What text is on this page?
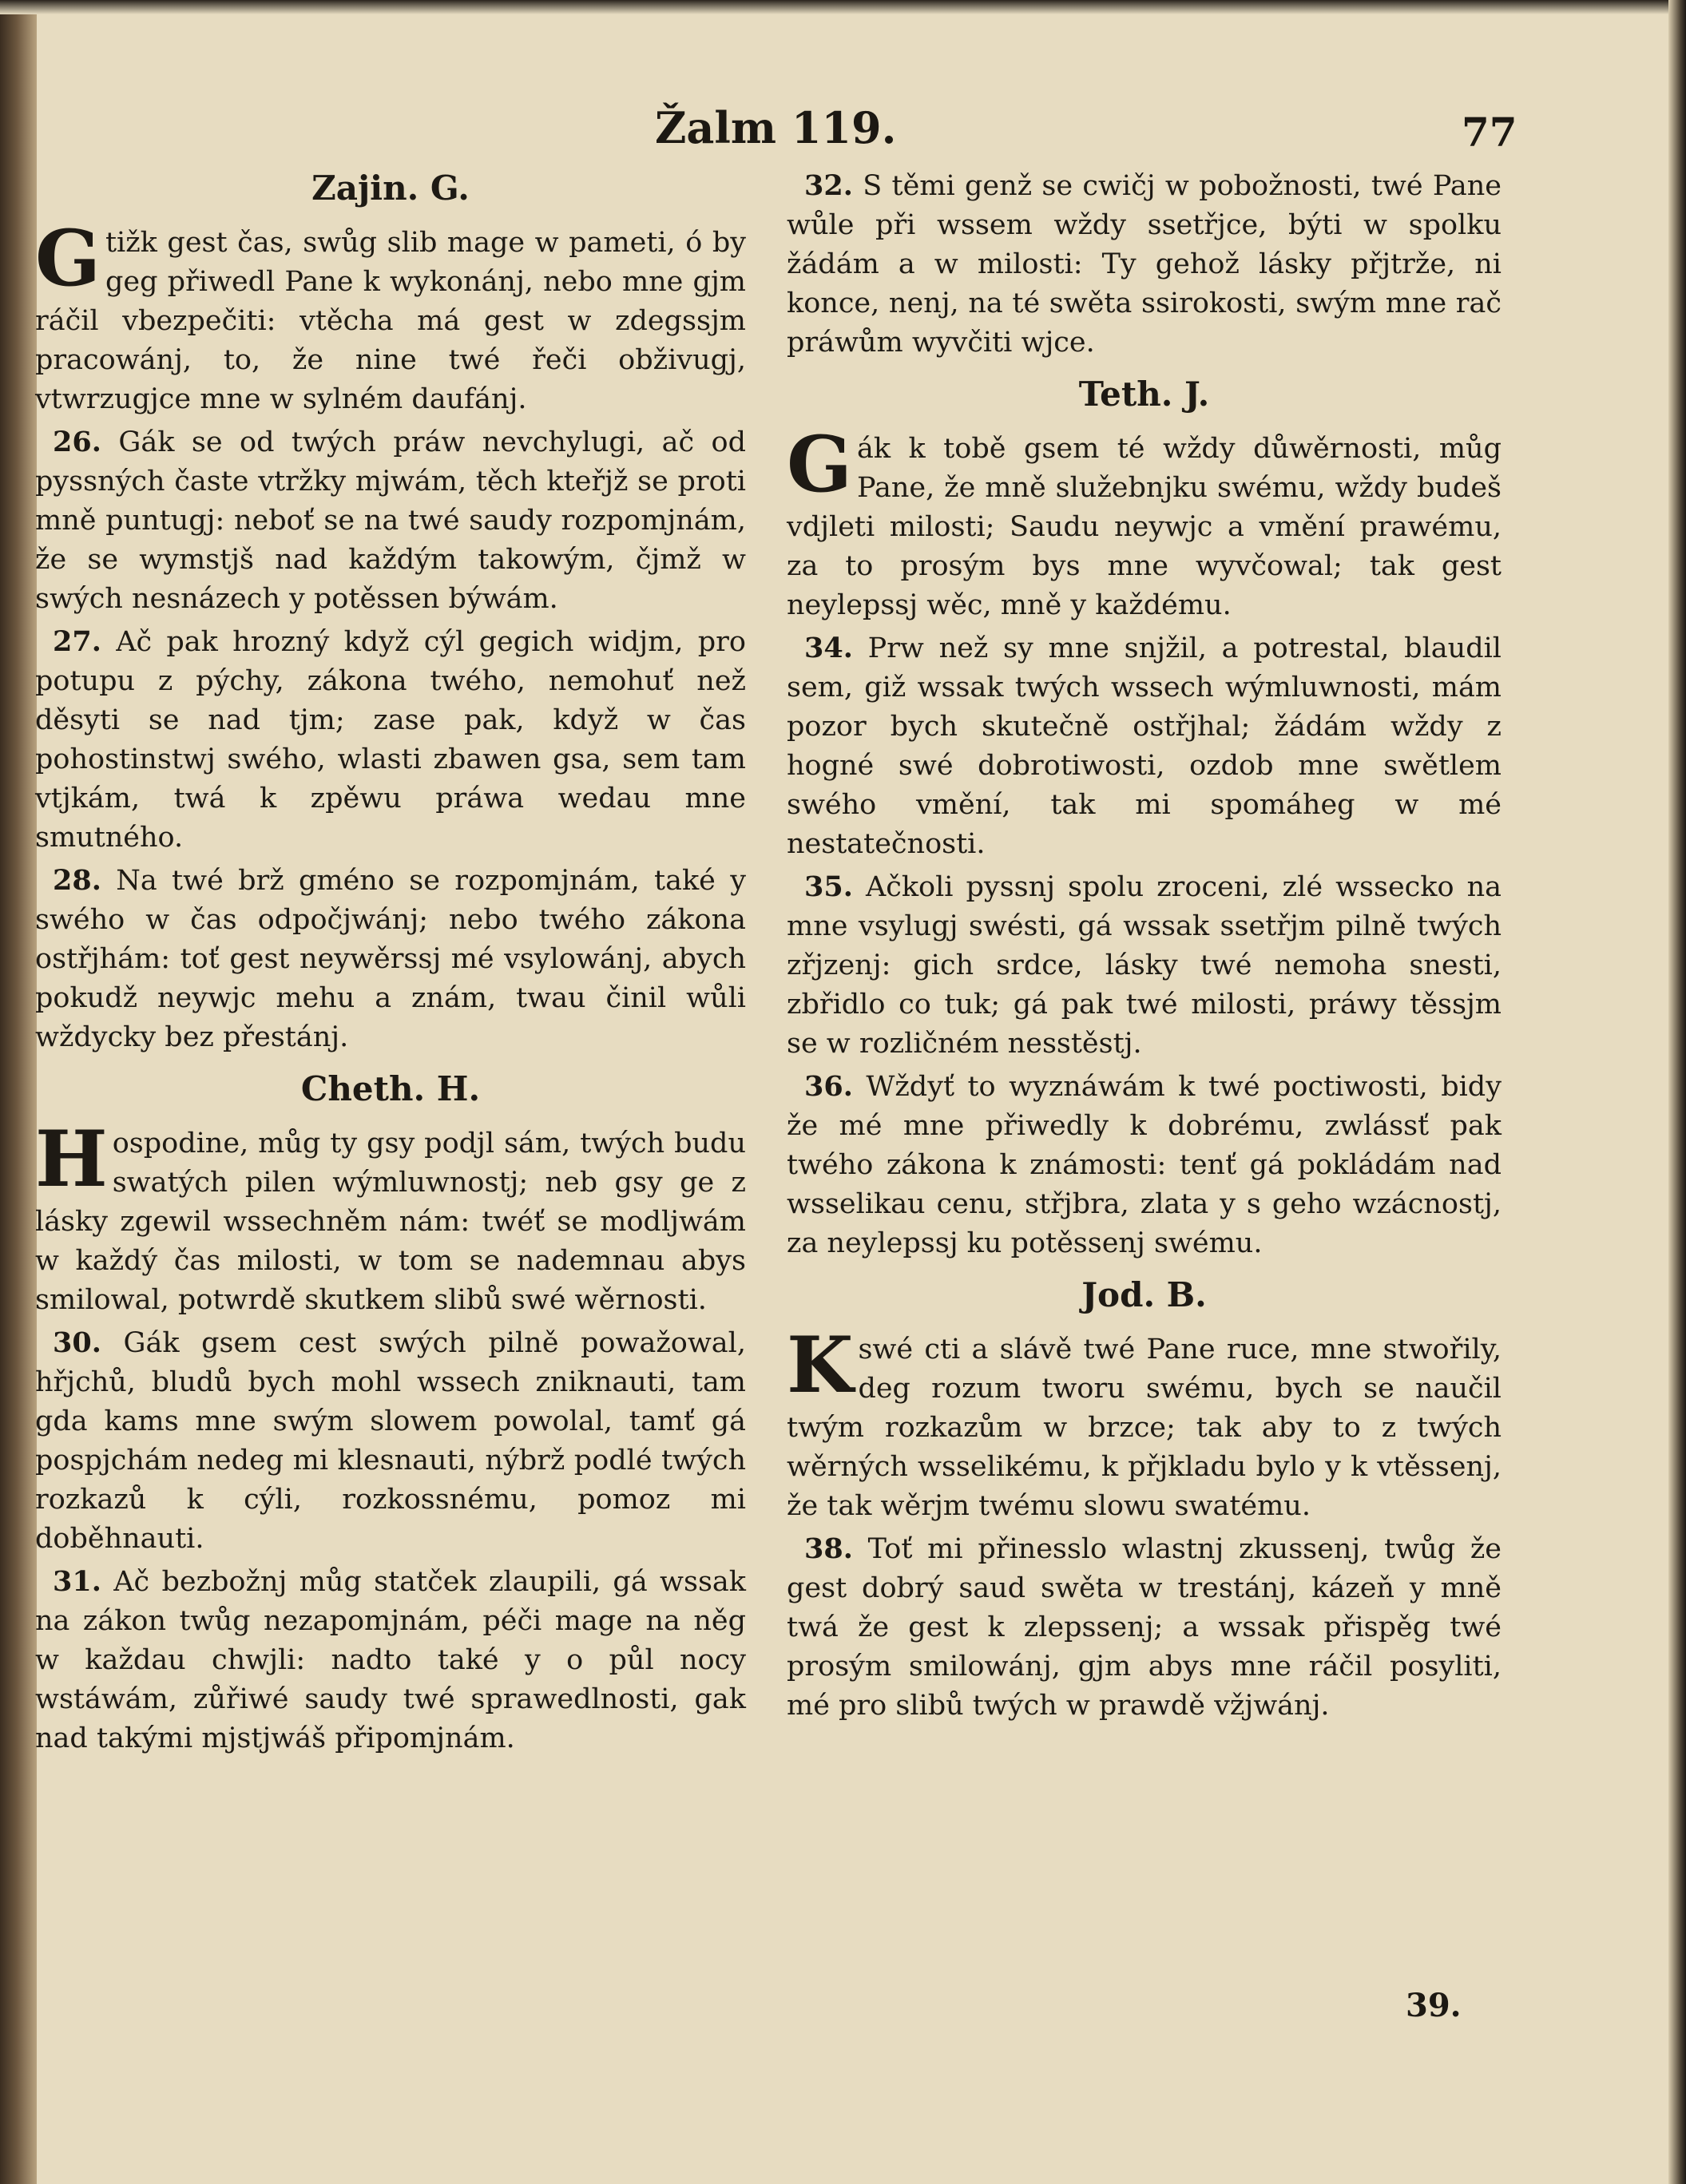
Žalm 119.	77
Zajin. G.
G tižk gest čas, swůg slib mage w pameti, ó by geg přiwedl Pane k wykonánj, nebo mne gjm ráčil vbezpečiti: vtěcha má gest w zdegssjm pracowánj, to, že nine twé řeči obživugj, vtwrzugjce mne w sylném daufánj.

26. Gák se od twých práw nevchylugi, ač od pyssných časte vtržky mjwám, těch kteřjž se proti mně puntugj: neboť se na twé saudy rozpomjnám, že se wymstjš nad každým takowým, čjmž w swých nesnázech y potěssen býwám.

27. Ač pak hrozný když cýl gegich widjm, pro potupu z pýchy, zákona twého, nemohuť než děsyti se nad tjm; zase pak, když w čas pohostinstwj swého, wlasti zbawen gsa, sem tam vtjkám, twá k zpěwu práwa wedau mne smutného.

28. Na twé brž gméno se rozpomjnám, také y swého w čas odpočjwánj; nebo twého zákona ostřjhám: toť gest neywěrssj mé vsylowánj, abych pokudž neywjc mehu a znám, twau činil wůli wždycky bez přestánj.

Cheth. H.
H ospodine, můg ty gsy podjl sám, twých budu swatých pilen wýmluwnostj; neb gsy ge z lásky zgewil wssechněm nám: twéť se modljwám w každý čas milosti, w tom se nademnau abys smilowal, potwrdě skutkem slibů swé wěrnosti.

30. Gák gsem cest swých pilně powažowal, hřjchů, bludů bych mohl wssech zniknauti, tam gda kams mne swým slowem powolal, tamť gá pospjchám nedeg mi klesnauti, nýbrž podlé twých rozkazů k cýli, rozkossnému, pomoz mi doběhnauti.

31. Ač bezbožnj můg statček zlaupili, gá wssak na zákon twůg nezapomjnám, péči mage na něg w každau chwjli: nadto také y o půl nocy wstáwám, zůřiwé saudy twé sprawedlnosti, gak nad takými mjstjwáš připomjnám.

32. S těmi genž se cwičj w pobožnosti, twé Pane wůle při wssem wždy ssetřjce, býti w spolku žádám a w milosti: Ty gehož lásky přjtrže, ni konce, nenj, na té swěta ssirokosti, swým mne rač práwům wyvčiti wjce.

Teth. J.
G ák k tobě gsem té wždy důwěrnosti, můg Pane, že mně služebnjku swému, wždy budeš vdjleti milosti; Saudu neywjc a vmění prawému, za to prosým bys mne wyvčowal; tak gest neylepssj wěc, mně y každému.

34. Prw než sy mne snjžil, a potrestal, blaudil sem, giž wssak twých wssech wýmluwnosti, mám pozor bych skutečně ostřjhal; žádám wždy z hogné swé dobrotiwosti, ozdob mne swětlem swého vmění, tak mi spomáheg w mé nestatečnosti.

35. Ačkoli pyssnj spolu zroceni, zlé wssecko na mne vsylugj swésti, gá wssak ssetřjm pilně twých zřjzenj: gich srdce, lásky twé nemoha snesti, zbřidlo co tuk; gá pak twé milosti, práwy těssjm se w rozličném nesstěstj.

36. Wždyť to wyznáwám k twé poctiwosti, bidy že mé mne přiwedly k dobrému, zwlássť pak twého zákona k známosti: tenť gá pokládám nad wsselikau cenu, střjbra, zlata y s geho wzácnostj, za neylepssj ku potěssenj swému.

Jod. B.
K swé cti a slávě twé Pane ruce, mne stwořily, deg rozum tworu swému, bych se naučil twým rozkazům w brzce; tak aby to z twých wěrných wsselikému, k přjkladu bylo y k vtěssenj, že tak wěrjm twému slowu swatému.

38. Toť mi přinesslo wlastnj zkussenj, twůg že gest dobrý saud swěta w trestánj, kázeň y mně twá že gest k zlepssenj; a wssak přispěg twé prosým smilowánj, gjm abys mne ráčil posyliti, mé pro slibů twých w prawdě vžjwánj.

39.
